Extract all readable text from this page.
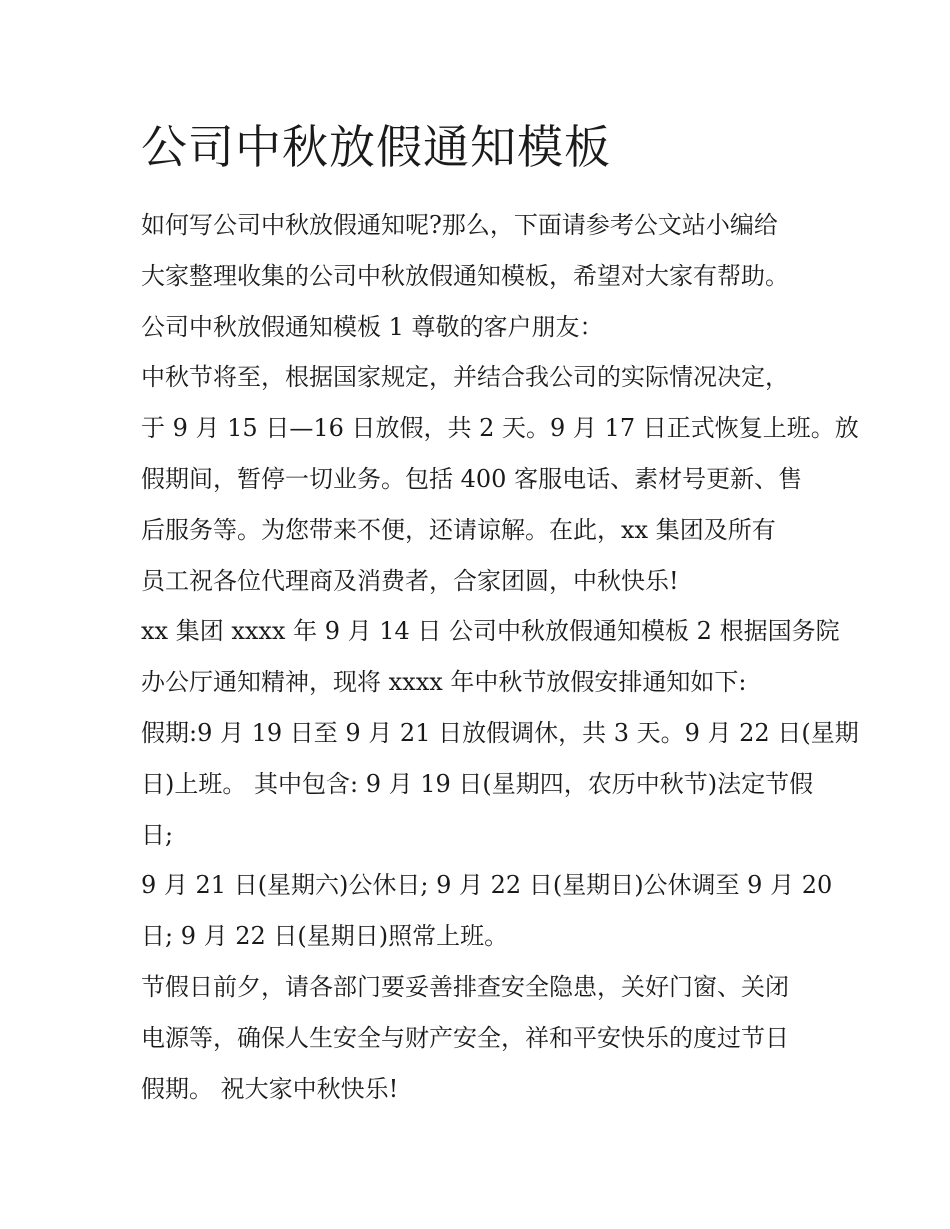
公司中秋放假通知模板

如何写公司中秋放假通知呢?那么，下面请参考公文站小编给
大家整理收集的公司中秋放假通知模板，希望对大家有帮助。

公司中秋放假通知模板 1 尊敬的客户朋友：

中秋节将至，根据国家规定，并结合我公司的实际情况决定，
于 9 月 15 日—16 日放假，共 2 天。9 月 17 日正式恢复上班。放
假期间，暂停一切业务。包括 400 客服电话、素材号更新、售
后服务等。为您带来不便，还请谅解。在此，xx 集团及所有
员工祝各位代理商及消费者，合家团圆，中秋快乐!

xx 集团 xxxx 年 9 月 14 日 公司中秋放假通知模板 2 根据国务院
办公厅通知精神，现将 xxxx 年中秋节放假安排通知如下:

假期:9 月 19 日至 9 月 21 日放假调休，共 3 天。9 月 22 日(星期
日)上班。 其中包含: 9 月 19 日(星期四，农历中秋节)法定节假
日;

9 月 21 日(星期六)公休日; 9 月 22 日(星期日)公休调至 9 月 20
日; 9 月 22 日(星期日)照常上班。

节假日前夕，请各部门要妥善排查安全隐患，关好门窗、关闭
电源等，确保人生安全与财产安全，祥和平安快乐的度过节日
假期。 祝大家中秋快乐!
